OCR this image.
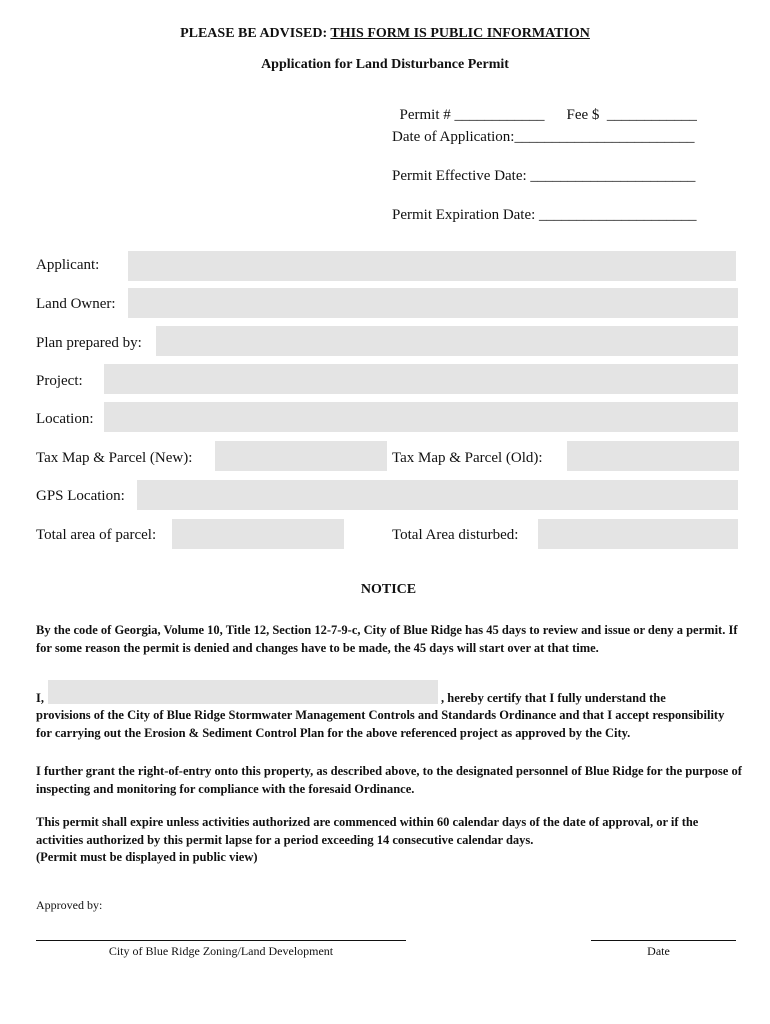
PLEASE BE ADVISED: THIS FORM IS PUBLIC INFORMATION
Application for Land Disturbance Permit

Permit # ____________ Fee $  ____________

Date of Application:________________________
Permit Effective Date: ______________________
Permit Expiration Date: _____________________
Applicant:
Land Owner:
Plan prepared by:
Project:
Location:
Tax Map & Parcel (New):	Tax Map & Parcel (Old):
GPS Location:
Total area of parcel:	Total Area disturbed:
NOTICE
By the code of Georgia, Volume 10, Title 12, Section 12-7-9-c, City of Blue Ridge has 45 days to review and issue or deny a permit. If for some reason the permit is denied and changes have to be made, the 45 days will start over at that time.
I,	, hereby certify that I fully understand the
provisions of the City of Blue Ridge Stormwater Management Controls and Standards Ordinance and that I accept responsibility for carrying out the Erosion & Sediment Control Plan for the above referenced project as approved by the City.
I further grant the right-of-entry onto this property, as described above, to the designated personnel of Blue Ridge for the purpose of inspecting and monitoring for compliance with the foresaid Ordinance.
This permit shall expire unless activities authorized are commenced within 60 calendar days of the date of approval, or if the activities authorized by this permit lapse for a period exceeding 14 consecutive calendar days.
(Permit must be displayed in public view)
Approved by:
City of Blue Ridge Zoning/Land Development	Date
